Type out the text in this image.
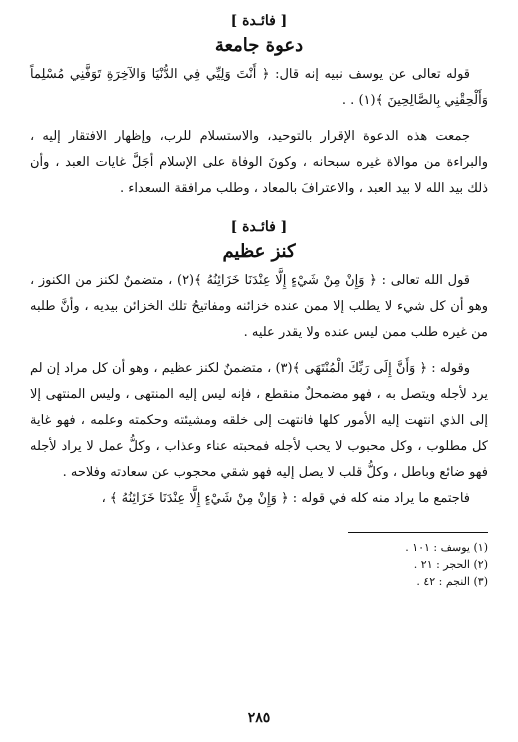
[ فائـدة ]

دعوة جامعة

قوله تعالى عن يوسف نبيه إنه قال: ﴿ أَنْتَ وَلِيِّي فِي الدُّنْيَا وَالآخِرَةِ تَوَفَّنِي مُسْلِماً وَأَلْحِقْنِي بِالصَّالِحِينَ ﴾(١) . .

جمعت هذه الدعوة الإقرار بالتوحيد، والاستسلام للرب، وإظهار الافتقار إليه ، والبراءة من موالاة غيره سبحانه ، وكونَ الوفاة على الإسلام أجَلَّ غايات العبد ، وأن ذلك بيد الله لا بيد العبد ، والاعترافَ بالمعاد ، وطلب مرافقة السعداء .

[ فائـدة ]

كنز عظيم

قول الله تعالى : ﴿ وَإِنْ مِنْ شَيْءٍ إِلَّا عِنْدَنَا خَزَائِنُهُ ﴾(٢) ، متضمنٌ لكنز من الكنوز ، وهو أن كل شيء لا يطلب إلا ممن عنده خزائنه ومفاتيحُ تلك الخزائن بيديه ، وأنَّ طلبه من غيره طلب ممن ليس عنده ولا يقدر عليه .

وقوله : ﴿ وَأَنَّ إِلَى رَبِّكَ الْمُنْتَهَى ﴾(٣) ، متضمنٌ لكنز عظيم ، وهو أن كل مراد إن لم يرد لأجله ويتصل به ، فهو مضمحلٌ منقطع ، فإنه ليس إليه المنتهى ، وليس المنتهى إلا إلى الذي انتهت إليه الأمور كلها فانتهت إلى خلقه ومشيئته وحكمته وعلمه ، فهو غاية كل مطلوب ، وكل محبوب لا يحب لأجله فمحبته عناء وعذاب ، وكلُّ عمل لا يراد لأجله فهو ضائع وباطل ، وكلُّ قلب لا يصل إليه فهو شقي محجوب عن سعادته وفلاحه .

فاجتمع ما يراد منه كله في قوله : ﴿ وَإِنْ مِنْ شَيْءٍ إِلَّا عِنْدَنَا خَزَائِنُهُ ﴾ ،

(١) يوسف : ١٠١ .

(٢) الحجر : ٢١ .

(٣) النجم : ٤٢ .

٢٨٥
